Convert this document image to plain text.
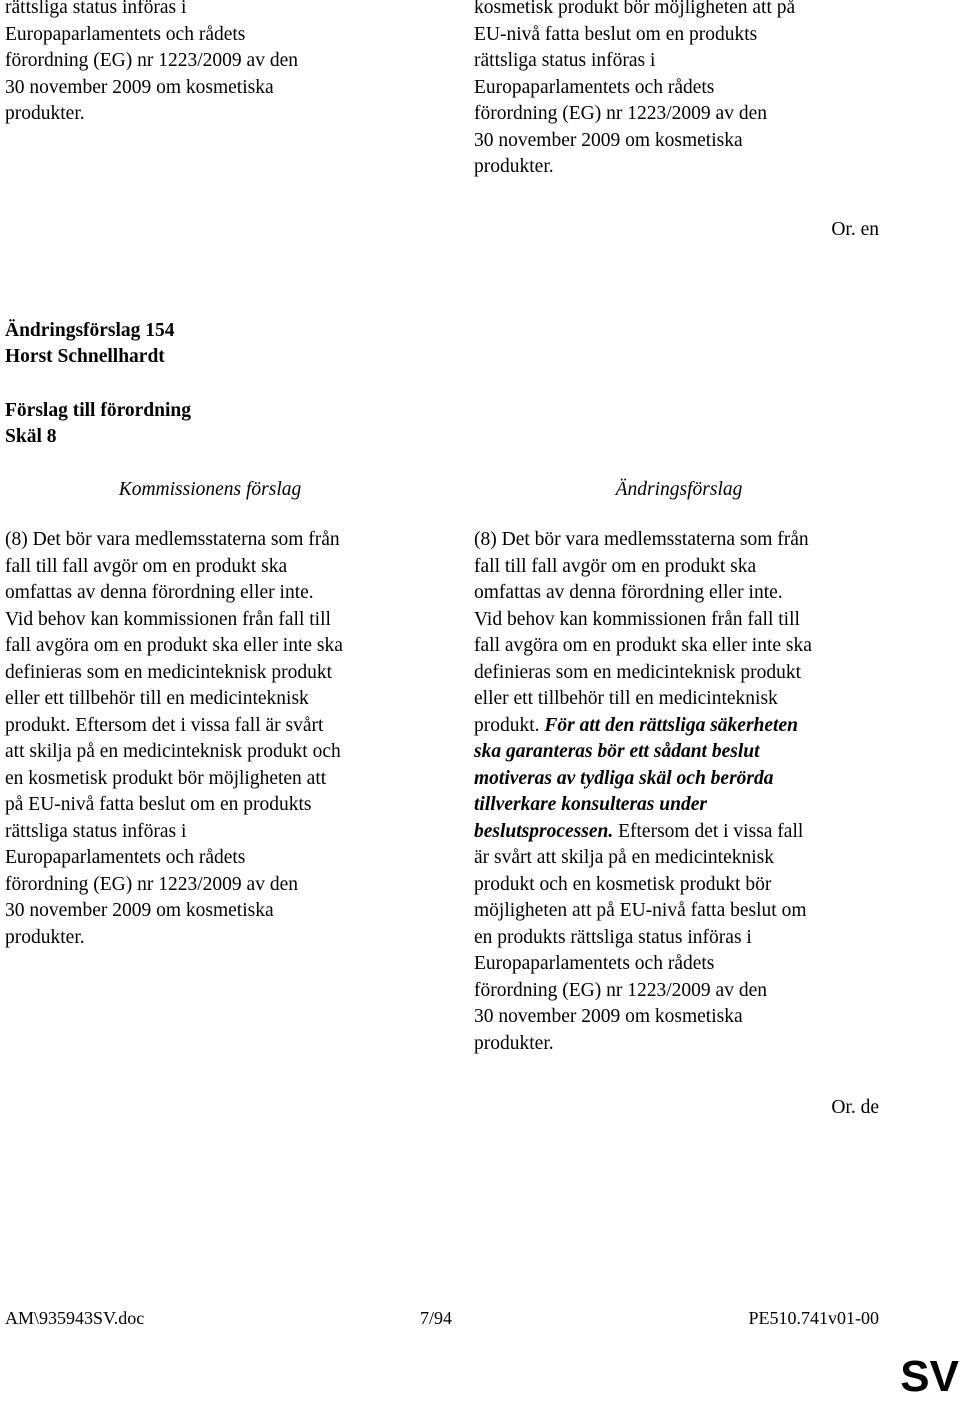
rättsliga status införas i
Europaparlamentets och rådets
förordning (EG) nr 1223/2009 av den
30 november 2009 om kosmetiska
produkter.
kosmetisk produkt bör möjligheten att på
EU-nivå fatta beslut om en produkts
rättsliga status införas i
Europaparlamentets och rådets
förordning (EG) nr 1223/2009 av den
30 november 2009 om kosmetiska
produkter.
Or. en
Ändringsförslag 154
Horst Schnellhardt
Förslag till förordning
Skäl 8
Kommissionens förslag	Ändringsförslag
(8) Det bör vara medlemsstaterna som från
fall till fall avgör om en produkt ska
omfattas av denna förordning eller inte.
Vid behov kan kommissionen från fall till
fall avgöra om en produkt ska eller inte ska
definieras som en medicinteknisk produkt
eller ett tillbehör till en medicinteknisk
produkt. Eftersom det i vissa fall är svårt
att skilja på en medicinteknisk produkt och
en kosmetisk produkt bör möjligheten att
på EU-nivå fatta beslut om en produkts
rättsliga status införas i
Europaparlamentets och rådets
förordning (EG) nr 1223/2009 av den
30 november 2009 om kosmetiska
produkter.
(8) Det bör vara medlemsstaterna som från
fall till fall avgör om en produkt ska
omfattas av denna förordning eller inte.
Vid behov kan kommissionen från fall till
fall avgöra om en produkt ska eller inte ska
definieras som en medicinteknisk produkt
eller ett tillbehör till en medicinteknisk
produkt. För att den rättsliga säkerheten
ska garanteras bör ett sådant beslut
motiveras av tydliga skäl och berörda
tillverkare konsulteras under
beslutsprocessen. Eftersom det i vissa fall
är svårt att skilja på en medicinteknisk
produkt och en kosmetisk produkt bör
möjligheten att på EU-nivå fatta beslut om
en produkts rättsliga status införas i
Europaparlamentets och rådets
förordning (EG) nr 1223/2009 av den
30 november 2009 om kosmetiska
produkter.
Or. de
AM\935943SV.doc	7/94	PE510.741v01-00
SV
